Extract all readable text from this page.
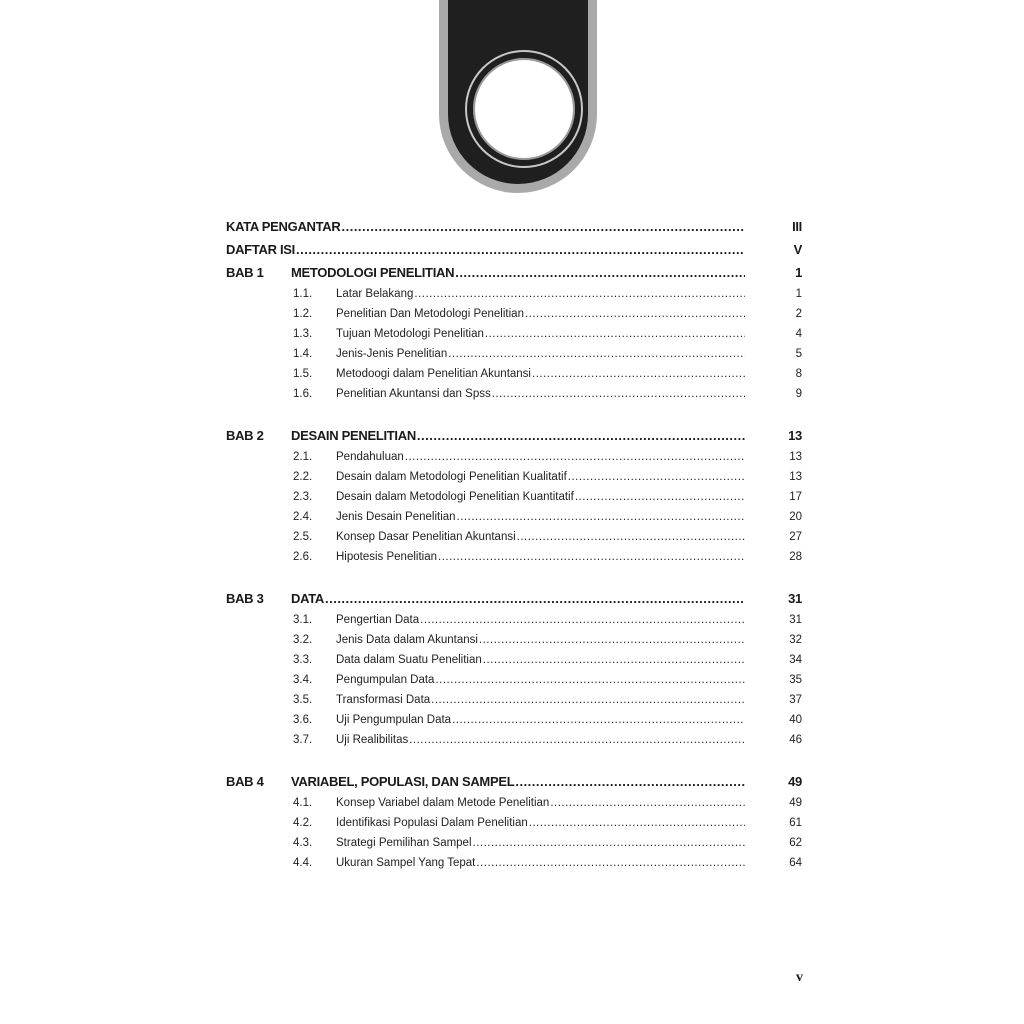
KATA PENGANTAR .....	III
DAFTAR ISI .....	V
BAB 1	METODOLOGI PENELITIAN .....	1
1.1.	Latar Belakang .....	1
1.2.	Penelitian Dan Metodologi Penelitian .....	2
1.3.	Tujuan Metodologi Penelitian .....	4
1.4.	Jenis-Jenis Penelitian .....	5
1.5.	Metodoogi dalam Penelitian Akuntansi .....	8
1.6.	Penelitian Akuntansi dan Spss .....	9
BAB 2	DESAIN PENELITIAN .....	13
2.1.	Pendahuluan .....	13
2.2.	Desain dalam Metodologi Penelitian Kualitatif .....	13
2.3.	Desain dalam Metodologi Penelitian Kuantitatif .....	17
2.4.	Jenis Desain Penelitian .....	20
2.5.	Konsep Dasar Penelitian Akuntansi .....	27
2.6.	Hipotesis Penelitian .....	28
BAB 3	DATA .....	31
3.1.	Pengertian Data .....	31
3.2.	Jenis Data dalam Akuntansi .....	32
3.3.	Data dalam Suatu Penelitian .....	34
3.4.	Pengumpulan Data .....	35
3.5.	Transformasi Data .....	37
3.6.	Uji Pengumpulan Data .....	40
3.7.	Uji Realibilitas .....	46
BAB 4	VARIABEL, POPULASI, DAN SAMPEL .....	49
4.1.	Konsep Variabel dalam Metode Penelitian .....	49
4.2.	Identifikasi Populasi Dalam Penelitian .....	61
4.3.	Strategi Pemilihan Sampel .....	62
4.4.	Ukuran Sampel Yang Tepat .....	64
v
